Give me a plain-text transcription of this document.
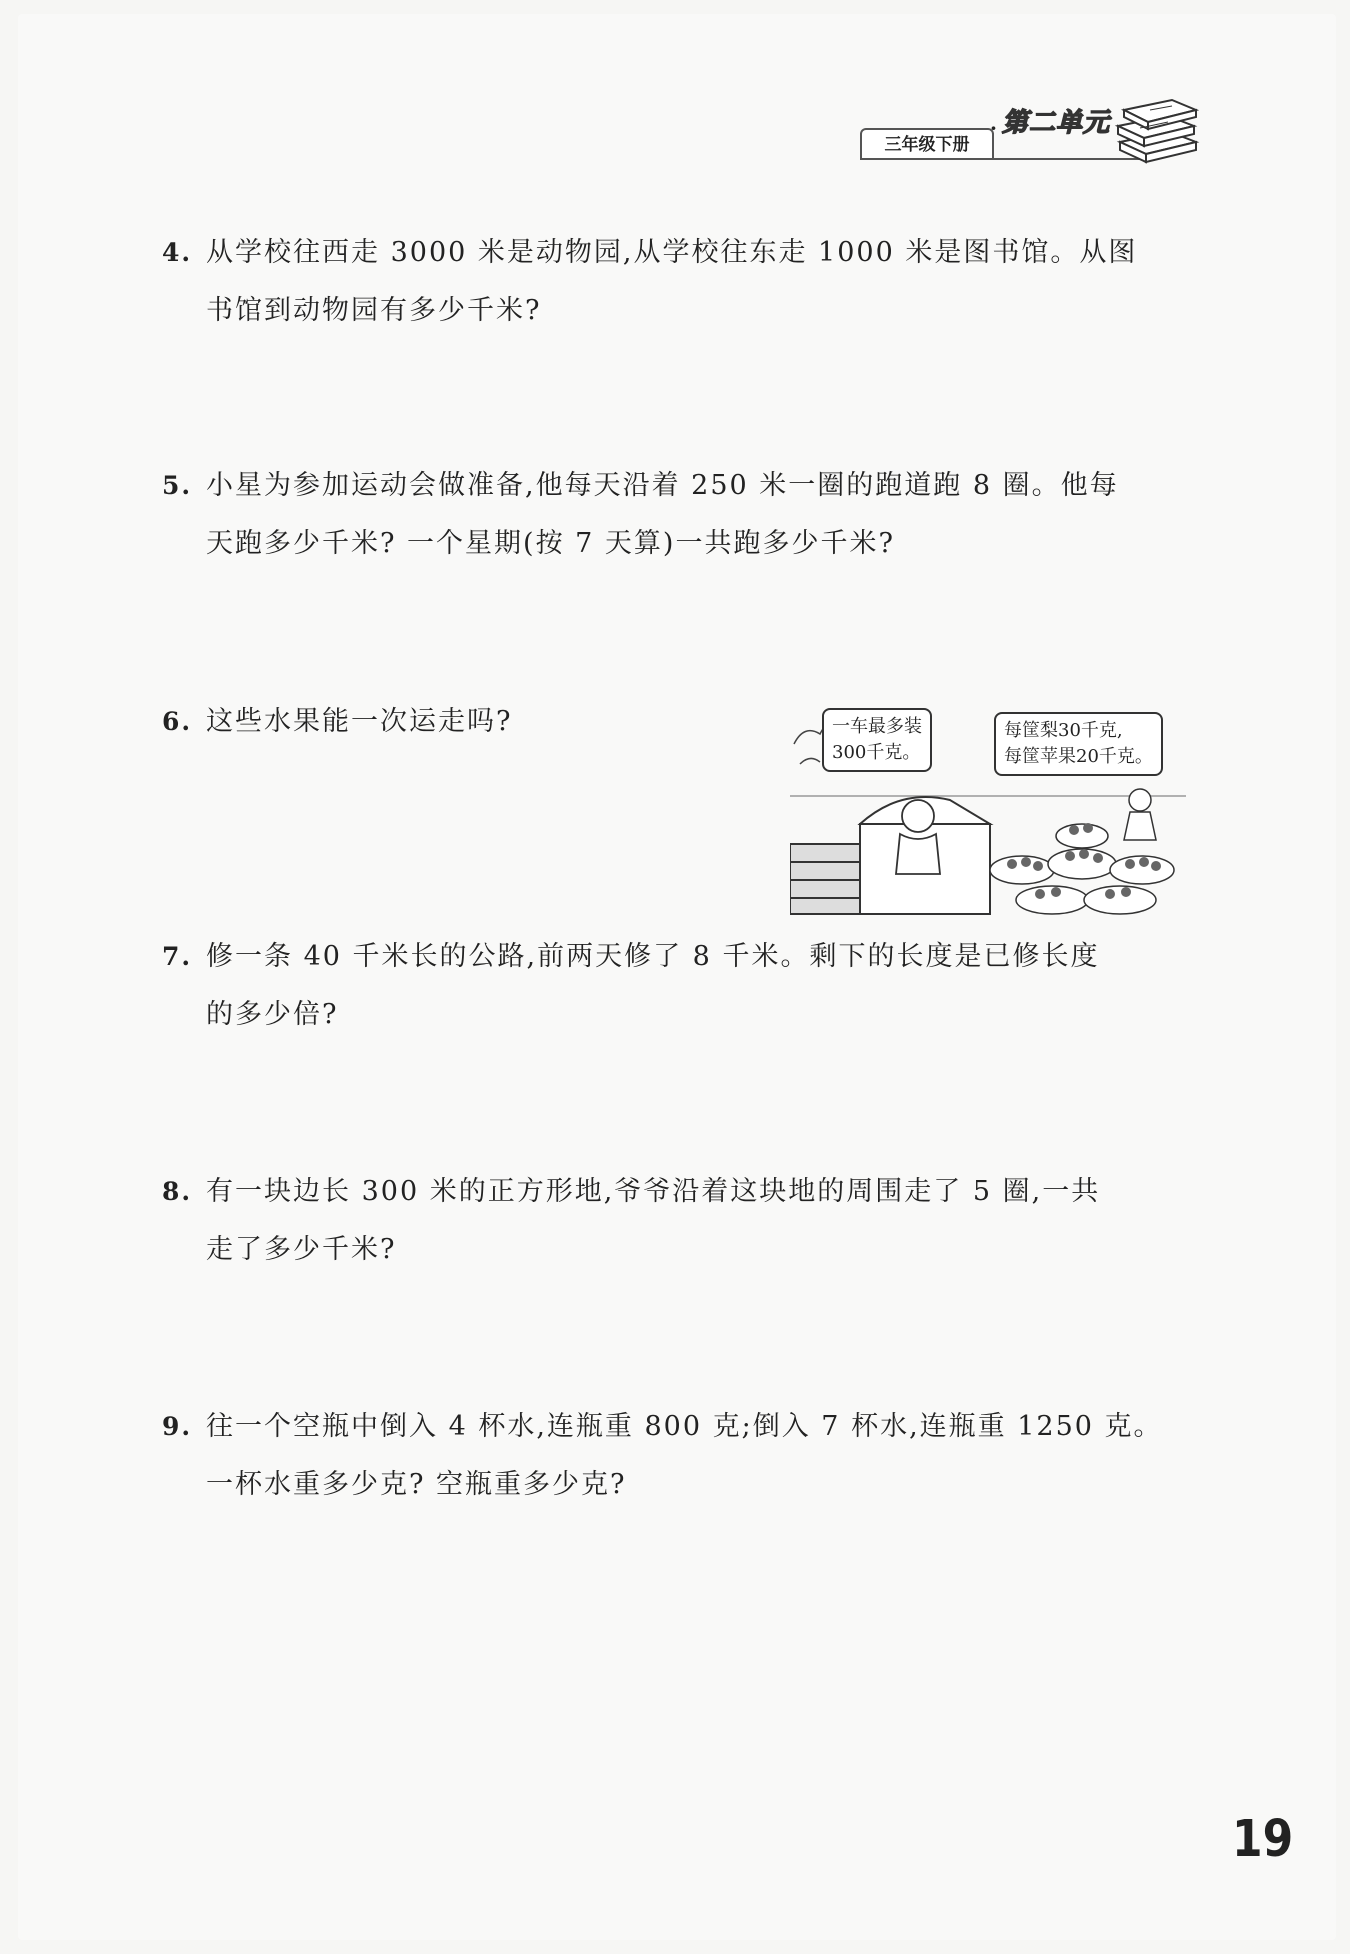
三年级下册
· 第二单元
4. 从学校往西走 3000 米是动物园,从学校往东走 1000 米是图书馆。从图
书馆到动物园有多少千米?
5. 小星为参加运动会做准备,他每天沿着 250 米一圈的跑道跑 8 圈。他每
天跑多少千米? 一个星期(按 7 天算)一共跑多少千米?
6. 这些水果能一次运走吗?	一车最多装
300千克。
每筐梨30千克,
每筐苹果20千克。
7. 修一条 40 千米长的公路,前两天修了 8 千米。剩下的长度是已修长度
的多少倍?
8. 有一块边长 300 米的正方形地,爷爷沿着这块地的周围走了 5 圈,一共
走了多少千米?
9. 往一个空瓶中倒入 4 杯水,连瓶重 800 克;倒入 7 杯水,连瓶重 1250 克。
一杯水重多少克? 空瓶重多少克?
19
